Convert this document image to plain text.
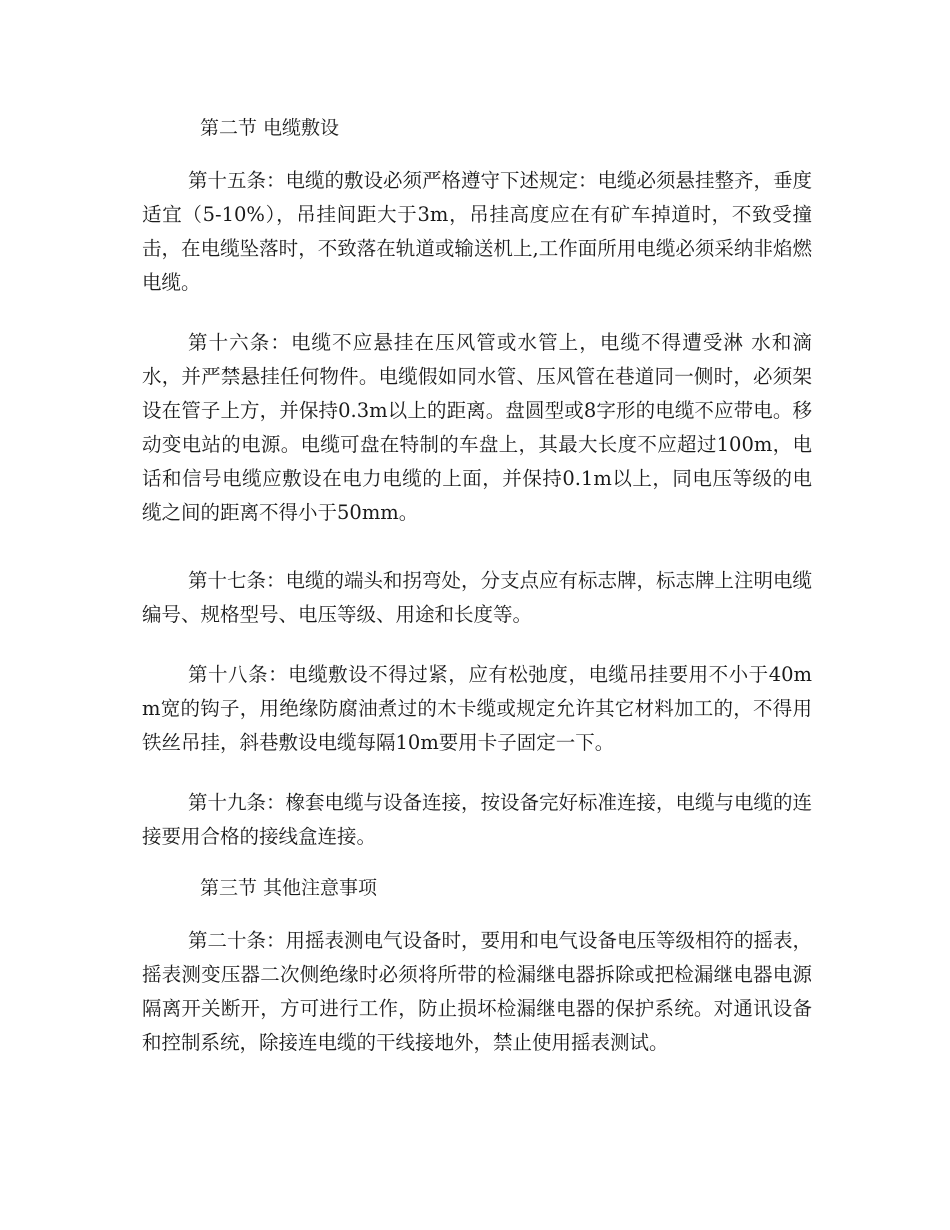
第二节 电缆敷设

第十五条：电缆的敷设必须严格遵守下述规定：电缆必须悬挂整齐，垂度适宜（5-10%），吊挂间距大于3m，吊挂高度应在有矿车掉道时，不致受撞击，在电缆坠落时，不致落在轨道或输送机上,工作面所用电缆必须采纳非焰燃电缆。

第十六条：电缆不应悬挂在压风管或水管上，电缆不得遭受淋 水和滴水，并严禁悬挂任何物件。电缆假如同水管、压风管在巷道同一侧时，必须架设在管子上方，并保持0.3m以上的距离。盘圆型或8字形的电缆不应带电。移动变电站的电源。电缆可盘在特制的车盘上，其最大长度不应超过100m，电话和信号电缆应敷设在电力电缆的上面，并保持0.1m以上，同电压等级的电缆之间的距离不得小于50mm。

第十七条：电缆的端头和拐弯处，分支点应有标志牌，标志牌上注明电缆编号、规格型号、电压等级、用途和长度等。

第十八条：电缆敷设不得过紧，应有松弛度，电缆吊挂要用不小于40mm宽的钩子，用绝缘防腐油煮过的木卡缆或规定允许其它材料加工的，不得用铁丝吊挂，斜巷敷设电缆每隔10m要用卡子固定一下。

第十九条：橡套电缆与设备连接，按设备完好标准连接，电缆与电缆的连接要用合格的接线盒连接。

第三节 其他注意事项

第二十条：用摇表测电气设备时，要用和电气设备电压等级相符的摇表，摇表测变压器二次侧绝缘时必须将所带的检漏继电器拆除或把检漏继电器电源隔离开关断开，方可进行工作，防止损坏检漏继电器的保护系统。对通讯设备和控制系统，除接连电缆的干线接地外，禁止使用摇表测试。
